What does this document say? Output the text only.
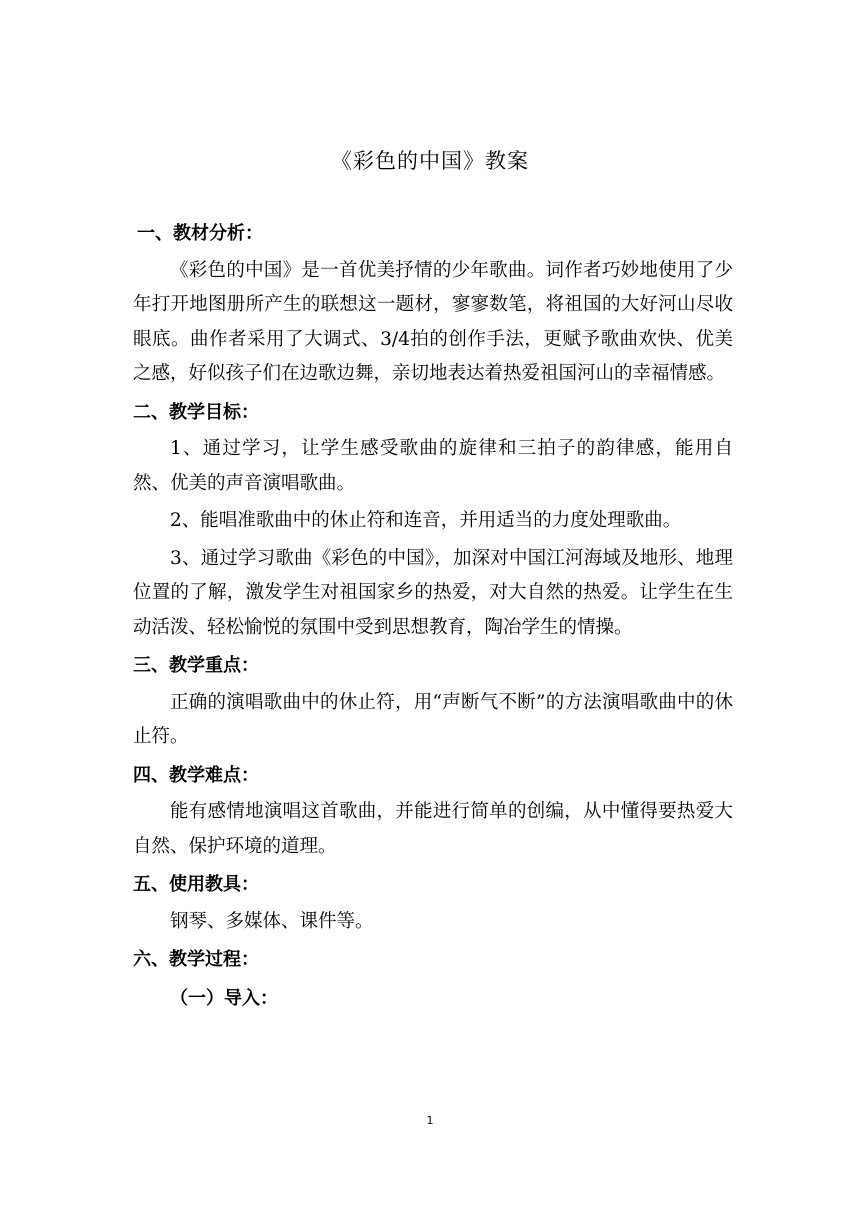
《彩色的中国》教案
一、教材分析：
《彩色的中国》是一首优美抒情的少年歌曲。词作者巧妙地使用了少年打开地图册所产生的联想这一题材，寥寥数笔，将祖国的大好河山尽收眼底。曲作者采用了大调式、3/4拍的创作手法，更赋予歌曲欢快、优美之感，好似孩子们在边歌边舞，亲切地表达着热爱祖国河山的幸福情感。
二、教学目标：
1、通过学习，让学生感受歌曲的旋律和三拍子的韵律感，能用自然、优美的声音演唱歌曲。
2、能唱准歌曲中的休止符和连音，并用适当的力度处理歌曲。
3、通过学习歌曲《彩色的中国》，加深对中国江河海域及地形、地理位置的了解，激发学生对祖国家乡的热爱，对大自然的热爱。让学生在生动活泼、轻松愉悦的氛围中受到思想教育，陶冶学生的情操。
三、教学重点：
正确的演唱歌曲中的休止符，用“声断气不断”的方法演唱歌曲中的休止符。
四、教学难点：
能有感情地演唱这首歌曲，并能进行简单的创编，从中懂得要热爱大自然、保护环境的道理。
五、使用教具：
钢琴、多媒体、课件等。
六、教学过程：
（一）导入：
1
